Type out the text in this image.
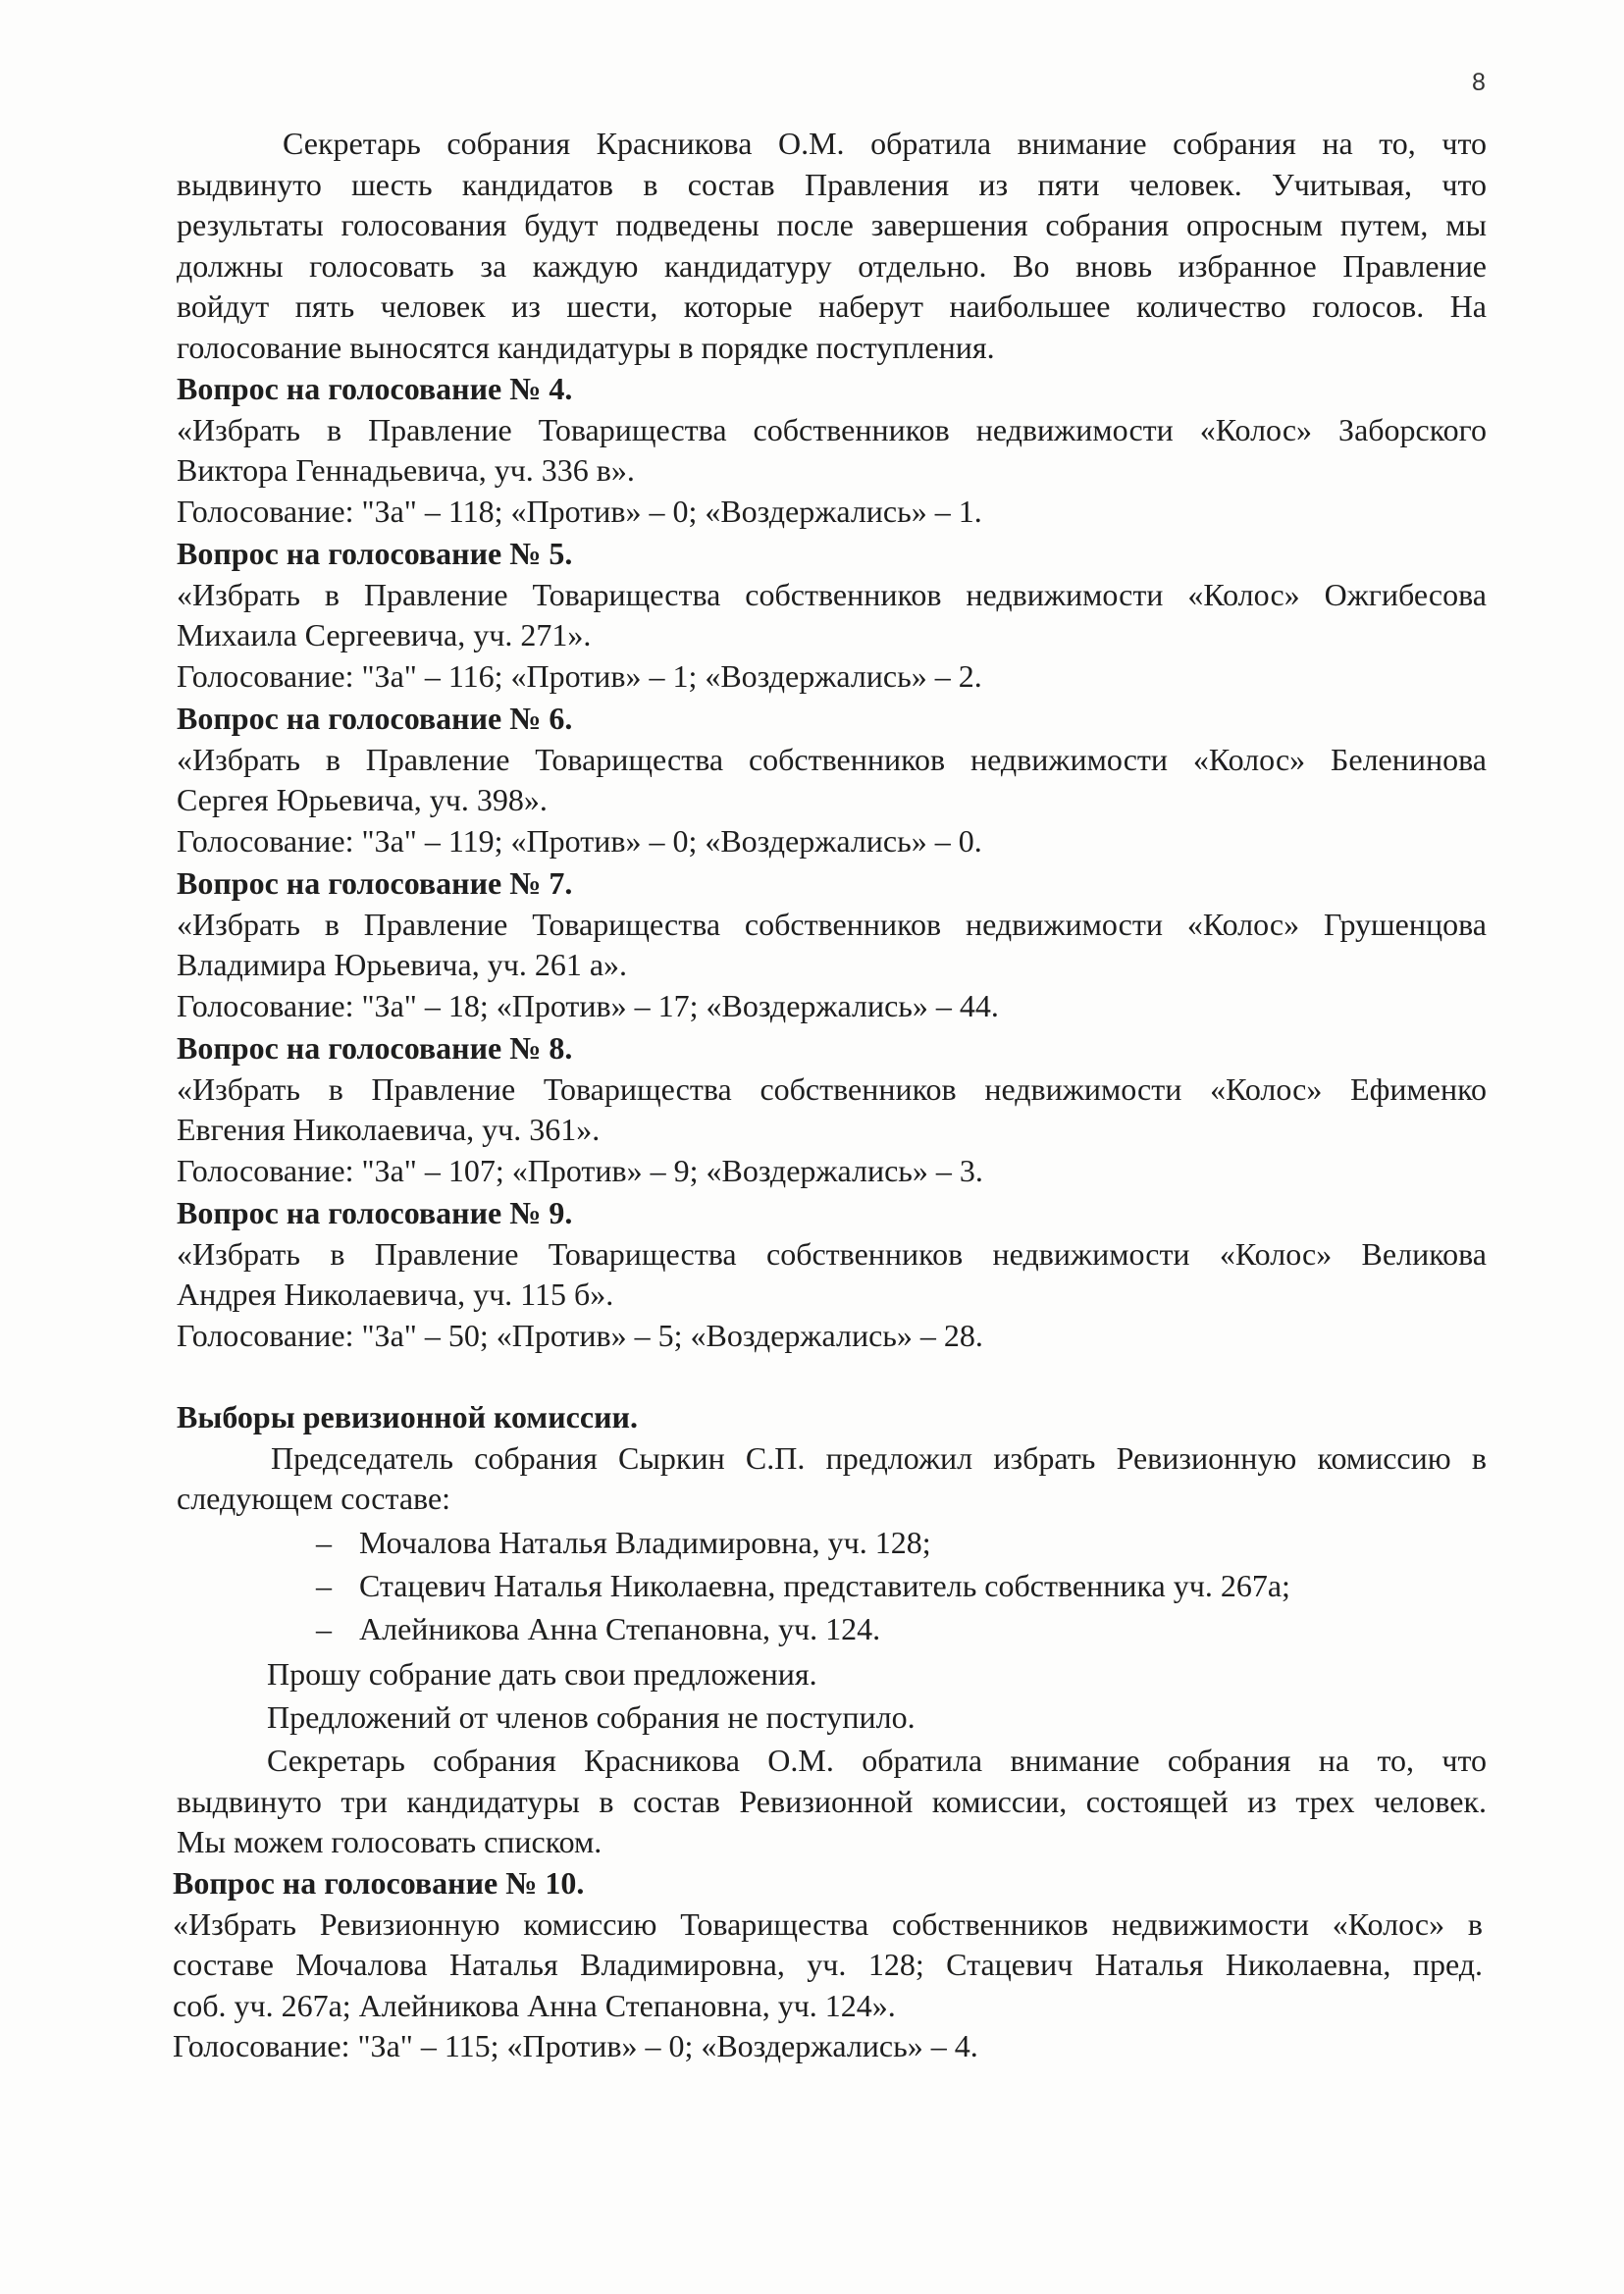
8
Секретарь собрания Красникова О.М. обратила внимание собрания на то, что
выдвинуто шесть кандидатов в состав Правления из пяти человек. Учитывая, что
результаты голосования будут подведены после завершения собрания опросным путем, мы
должны голосовать за каждую кандидатуру отдельно. Во вновь избранное Правление
войдут пять человек из шести, которые наберут наибольшее количество голосов. На
голосование выносятся кандидатуры в порядке поступления.
Вопрос на голосование № 4.
«Избрать в Правление Товарищества собственников недвижимости «Колос» Заборского
Виктора Геннадьевича, уч. 336 в».
Голосование: "За" – 118; «Против» – 0; «Воздержались» – 1.
Вопрос на голосование № 5.
«Избрать в Правление Товарищества собственников недвижимости «Колос» Ожгибесова
Михаила Сергеевича, уч. 271».
Голосование: "За" – 116; «Против» – 1; «Воздержались» – 2.
Вопрос на голосование № 6.
«Избрать в Правление Товарищества собственников недвижимости «Колос» Беленинова
Сергея Юрьевича, уч. 398».
Голосование: "За" – 119; «Против» – 0; «Воздержались» – 0.
Вопрос на голосование № 7.
«Избрать в Правление Товарищества собственников недвижимости «Колос» Грушенцова
Владимира Юрьевича, уч. 261 а».
Голосование: "За" – 18; «Против» – 17; «Воздержались» – 44.
Вопрос на голосование № 8.
«Избрать в Правление Товарищества собственников недвижимости «Колос» Ефименко
Евгения Николаевича, уч. 361».
Голосование: "За" – 107; «Против» – 9; «Воздержались» – 3.
Вопрос на голосование № 9.
«Избрать в Правление Товарищества собственников недвижимости «Колос» Великова
Андрея Николаевича, уч. 115 б».
Голосование: "За" – 50; «Против» – 5; «Воздержались» – 28.
Выборы ревизионной комиссии.
Председатель собрания Сыркин С.П. предложил избрать Ревизионную комиссию в
следующем составе:
– Мочалова Наталья Владимировна, уч. 128;
– Стацевич Наталья Николаевна, представитель собственника уч. 267а;
– Алейникова Анна Степановна, уч. 124.
Прошу собрание дать свои предложения.
Предложений от членов собрания не поступило.
Секретарь собрания Красникова О.М. обратила внимание собрания на то, что
выдвинуто три кандидатуры в состав Ревизионной комиссии, состоящей из трех человек.
Мы можем голосовать списком.
Вопрос на голосование № 10.
«Избрать Ревизионную комиссию Товарищества собственников недвижимости «Колос» в
составе Мочалова Наталья Владимировна, уч. 128; Стацевич Наталья Николаевна, пред.
соб. уч. 267а; Алейникова Анна Степановна, уч. 124».
Голосование: "За" – 115; «Против» – 0; «Воздержались» – 4.
